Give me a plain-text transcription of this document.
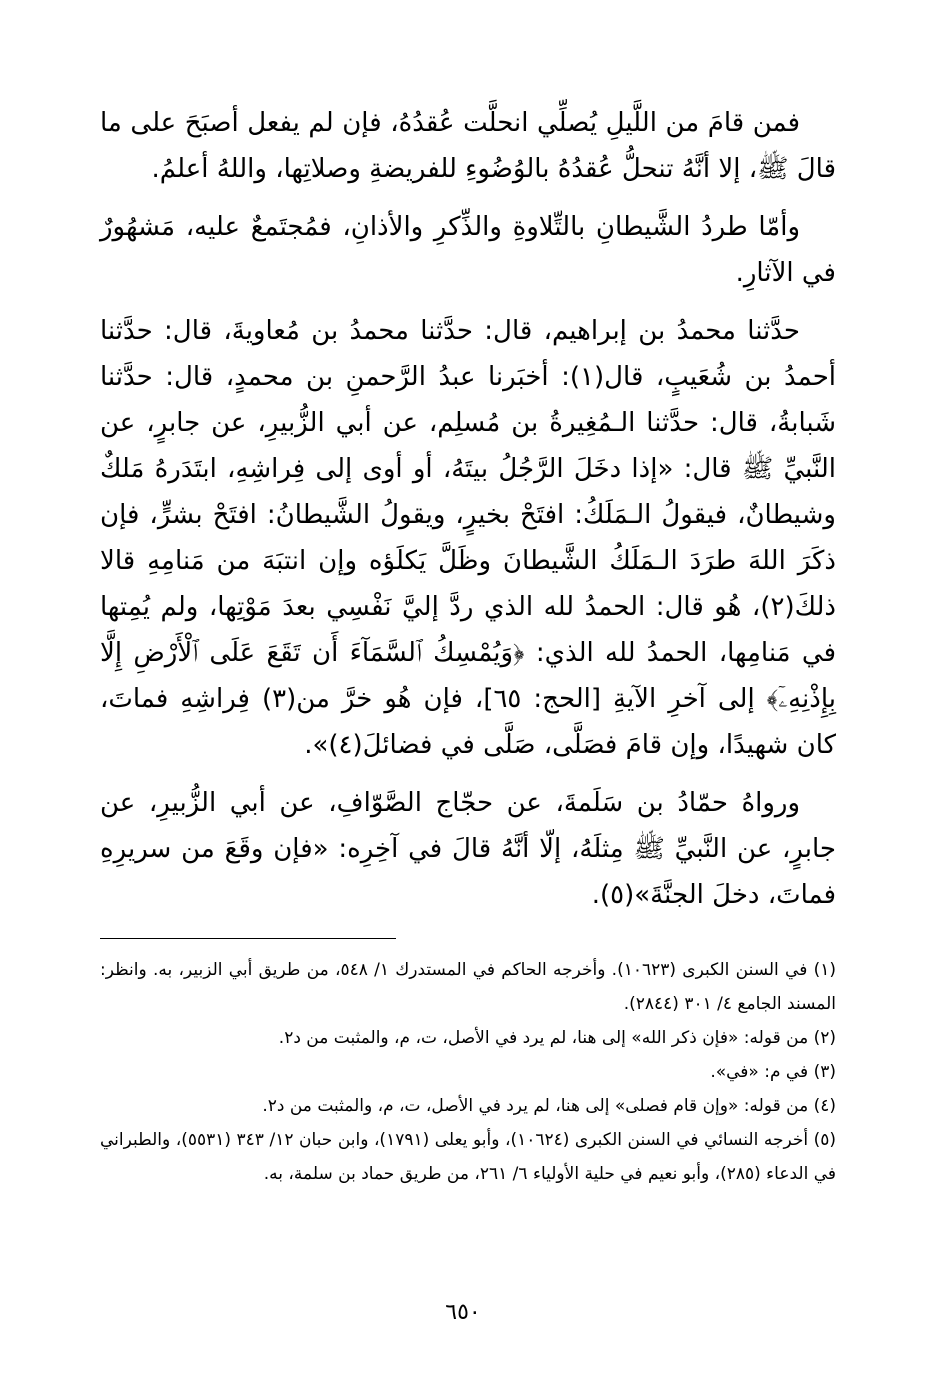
فمن قامَ من اللَّيلِ يُصلِّي انحلَّت عُقدُهُ، فإن لم يفعل أصبَحَ على ما قالَ ﷺ، إلا أنَّهُ تنحلُّ عُقدُهُ بالوُضُوءِ للفريضةِ وصلاتِها، واللهُ أعلمُ.

وأمّا طردُ الشَّيطانِ بالتِّلاوةِ والذِّكرِ والأذانِ، فمُجتَمعٌ عليه، مَشهُورٌ في الآثارِ.

حدَّثنا محمدُ بن إبراهيم، قال: حدَّثنا محمدُ بن مُعاويةَ، قال: حدَّثنا أحمدُ بن شُعَيبٍ، قال(١): أخبَرنا عبدُ الرَّحمنِ بن محمدٍ، قال: حدَّثنا شَبابةُ، قال: حدَّثنا الـمُغِيرةُ بن مُسلِم، عن أبي الزُّبيرِ، عن جابرٍ، عن النَّبيِّ ﷺ قال: «إذا دخَلَ الرَّجُلُ بيتَهُ، أو أوى إلى فِراشِهِ، ابتَدَرهُ مَلكٌ وشيطانٌ، فيقولُ الـمَلَكُ: افتَحْ بخيرٍ، ويقولُ الشَّيطانُ: افتَحْ بشرٍّ، فإن ذكَرَ اللهَ طرَدَ الـمَلَكُ الشَّيطانَ وظَلَّ يَكلَؤه وإن انتبَهَ من مَنامِهِ قالا ذلكَ(٢)، هُو قال: الحمدُ لله الذي ردَّ إليَّ نَفْسِي بعدَ مَوْتِها، ولم يُمِتها في مَنامِها، الحمدُ لله الذي: ﴿وَيُمْسِكُ ٱلسَّمَآءَ أَن تَقَعَ عَلَى ٱلْأَرْضِ إِلَّا بِإِذْنِهِۦٓ﴾ إلى آخرِ الآيةِ [الحج: ٦٥]، فإن هُو خرَّ من(٣) فِراشِهِ فماتَ، كان شهيدًا، وإن قامَ فصَلَّى، صَلَّى في فضائلَ(٤)».

ورواهُ حمّادُ بن سَلَمةَ، عن حجّاج الصَّوّافِ، عن أبي الزُّبيرِ، عن جابرٍ، عن النَّبيِّ ﷺ مِثلَهُ، إلّا أنَّهُ قالَ في آخِرِه: «فإن وقَعَ من سريرِهِ فماتَ، دخلَ الجنَّةَ»(٥).

(١) في السنن الكبرى (١٠٦٢٣). وأخرجه الحاكم في المستدرك ١/ ٥٤٨، من طريق أبي الزبير، به. وانظر: المسند الجامع ٤/ ٣٠١ (٢٨٤٤).

(٢) من قوله: «فإن ذكر الله» إلى هنا، لم يرد في الأصل، ت، م، والمثبت من د٢.

(٣) في م: «في».

(٤) من قوله: «وإن قام فصلى» إلى هنا، لم يرد في الأصل، ت، م، والمثبت من د٢.

(٥) أخرجه النسائي في السنن الكبرى (١٠٦٢٤)، وأبو يعلى (١٧٩١)، وابن حبان ١٢/ ٣٤٣ (٥٥٣١)، والطبراني في الدعاء (٢٨٥)، وأبو نعيم في حلية الأولياء ٦/ ٢٦١، من طريق حماد بن سلمة، به.

٦٥٠
